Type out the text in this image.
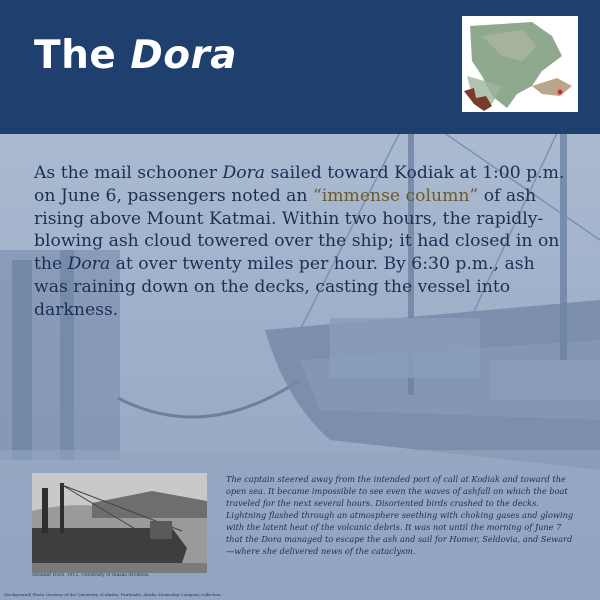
The Dora

As the mail schooner Dora sailed toward Kodiak at 1:00 p.m. on June 6, passengers noted an “immense column” of ash rising above Mount Katmai. Within two hours, the rapidly-blowing ash cloud towered over the ship; it had closed in on the Dora at over twenty miles per hour. By 6:30 p.m., ash was raining down on the decks, casting the vessel into darkness.

Steamer Dora, 1912. University of Alaska Archives.

The captain steered away from the intended port of call at Kodiak and toward the open sea. It became impossible to see even the waves of ashfall on which the boat traveled for the next several hours. Disoriented birds crashed to the decks. Lightning flashed through an atmosphere seething with choking gases and glowing with the latent heat of the volcanic debris. It was not until the morning of June 7 that the Dora managed to escape the ash and sail for Homer, Seldovia, and Seward—where she delivered news of the cataclysm.

(background) Photo courtesy of the University of Alaska, Fairbanks, Alaska Steamship Company collection.
